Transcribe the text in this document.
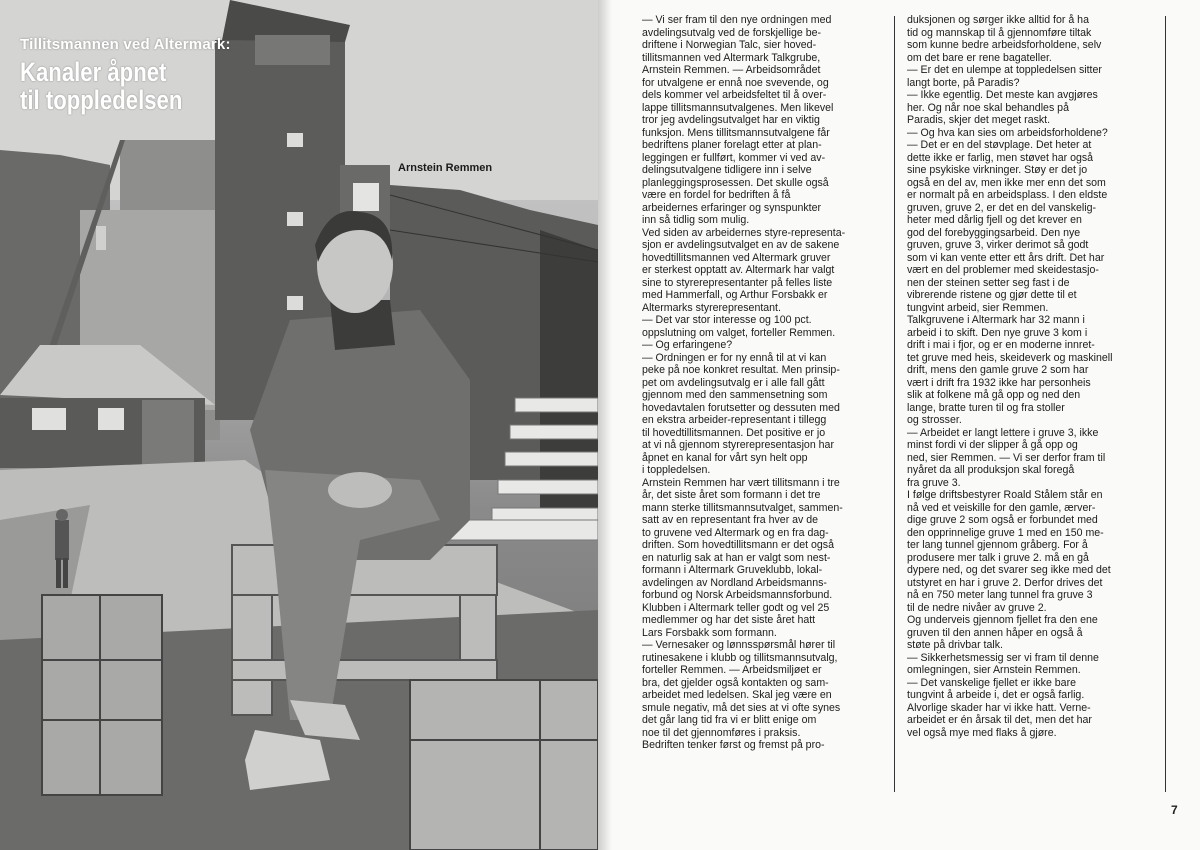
Tillitsmannen ved Altermark:
Kanaler åpnet
til toppledelsen
Arnstein Remmen
— Vi ser fram til den nye ordningen med
avdelingsutvalg ved de forskjellige be-
driftene i Norwegian Talc, sier hoved-
tillitsmannen ved Altermark Talkgrube,
Arnstein Remmen. — Arbeidsområdet
for utvalgene er ennå noe svevende, og
dels kommer vel arbeidsfeltet til å over-
lappe tillitsmannsutvalgenes. Men likevel
tror jeg avdelingsutvalget har en viktig
funksjon. Mens tillitsmannsutvalgene får
bedriftens planer forelagt etter at plan-
leggingen er fullført, kommer vi ved av-
delingsutvalgene tidligere inn i selve
planleggingsprosessen. Det skulle også
være en fordel for bedriften å få
arbeidernes erfaringer og synspunkter
inn så tidlig som mulig.
Ved siden av arbeidernes styre-representa-
sjon er avdelingsutvalget en av de sakene
hovedtillitsmannen ved Altermark gruver
er sterkest opptatt av. Altermark har valgt
sine to styrerepresentanter på felles liste
med Hammerfall, og Arthur Forsbakk er
Altermarks styrerepresentant.
— Det var stor interesse og 100 pct.
oppslutning om valget, forteller Remmen.
— Og erfaringene?
— Ordningen er for ny ennå til at vi kan
peke på noe konkret resultat. Men prinsip-
pet om avdelingsutvalg er i alle fall gått
gjennom med den sammensetning som
hovedavtalen forutsetter og dessuten med
en ekstra arbeider-representant i tillegg
til hovedtillitsmannen. Det positive er jo
at vi nå gjennom styrerepresentasjon har
åpnet en kanal for vårt syn helt opp
i toppledelsen.
Arnstein Remmen har vært tillitsmann i tre
år, det siste året som formann i det tre
mann sterke tillitsmannsutvalget, sammen-
satt av en representant fra hver av de
to gruvene ved Altermark og en fra dag-
driften. Som hovedtillitsmann er det også
en naturlig sak at han er valgt som nest-
formann i Altermark Gruveklubb, lokal-
avdelingen av Nordland Arbeidsmanns-
forbund og Norsk Arbeidsmannsforbund.
Klubben i Altermark teller godt og vel 25
medlemmer og har det siste året hatt
Lars Forsbakk som formann.
— Vernesaker og lønnsspørsmål hører til
rutinesakene i klubb og tillitsmannsutvalg,
forteller Remmen. — Arbeidsmiljøet er
bra, det gjelder også kontakten og sam-
arbeidet med ledelsen. Skal jeg være en
smule negativ, må det sies at vi ofte synes
det går lang tid fra vi er blitt enige om
noe til det gjennomføres i praksis.
Bedriften tenker først og fremst på pro-
duksjonen og sørger ikke alltid for å ha
tid og mannskap til å gjennomføre tiltak
som kunne bedre arbeidsforholdene, selv
om det bare er rene bagateller.
— Er det en ulempe at toppledelsen sitter
langt borte, på Paradis?
— Ikke egentlig. Det meste kan avgjøres
her. Og når noe skal behandles på
Paradis, skjer det meget raskt.
— Og hva kan sies om arbeidsforholdene?
— Det er en del støvplage. Det heter at
dette ikke er farlig, men støvet har også
sine psykiske virkninger. Støy er det jo
også en del av, men ikke mer enn det som
er normalt på en arbeidsplass. I den eldste
gruven, gruve 2, er det en del vanskelig-
heter med dårlig fjell og det krever en
god del forebyggingsarbeid. Den nye
gruven, gruve 3, virker derimot så godt
som vi kan vente etter ett års drift. Det har
vært en del problemer med skeidestasjo-
nen der steinen setter seg fast i de
vibrerende ristene og gjør dette til et
tungvint arbeid, sier Remmen.
Talkgruvene i Altermark har 32 mann i
arbeid i to skift. Den nye gruve 3 kom i
drift i mai i fjor, og er en moderne innret-
tet gruve med heis, skeideverk og maskinell
drift, mens den gamle gruve 2 som har
vært i drift fra 1932 ikke har personheis
slik at folkene må gå opp og ned den
lange, bratte turen til og fra stoller
og strosser.
— Arbeidet er langt lettere i gruve 3, ikke
minst fordi vi der slipper å gå opp og
ned, sier Remmen. — Vi ser derfor fram til
nyåret da all produksjon skal foregå
fra gruve 3.
I følge driftsbestyrer Roald Stålem står en
nå ved et veiskille for den gamle, ærver-
dige gruve 2 som også er forbundet med
den opprinnelige gruve 1 med en 150 me-
ter lang tunnel gjennom gråberg. For å
produsere mer talk i gruve 2. må en gå
dypere ned, og det svarer seg ikke med det
utstyret en har i gruve 2. Derfor drives det
nå en 750 meter lang tunnel fra gruve 3
til de nedre nivåer av gruve 2.
Og underveis gjennom fjellet fra den ene
gruven til den annen håper en også å
støte på drivbar talk.
— Sikkerhetsmessig ser vi fram til denne
omlegningen, sier Arnstein Remmen.
— Det vanskelige fjellet er ikke bare
tungvint å arbeide i, det er også farlig.
Alvorlige skader har vi ikke hatt. Verne-
arbeidet er én årsak til det, men det har
vel også mye med flaks å gjøre.
7
